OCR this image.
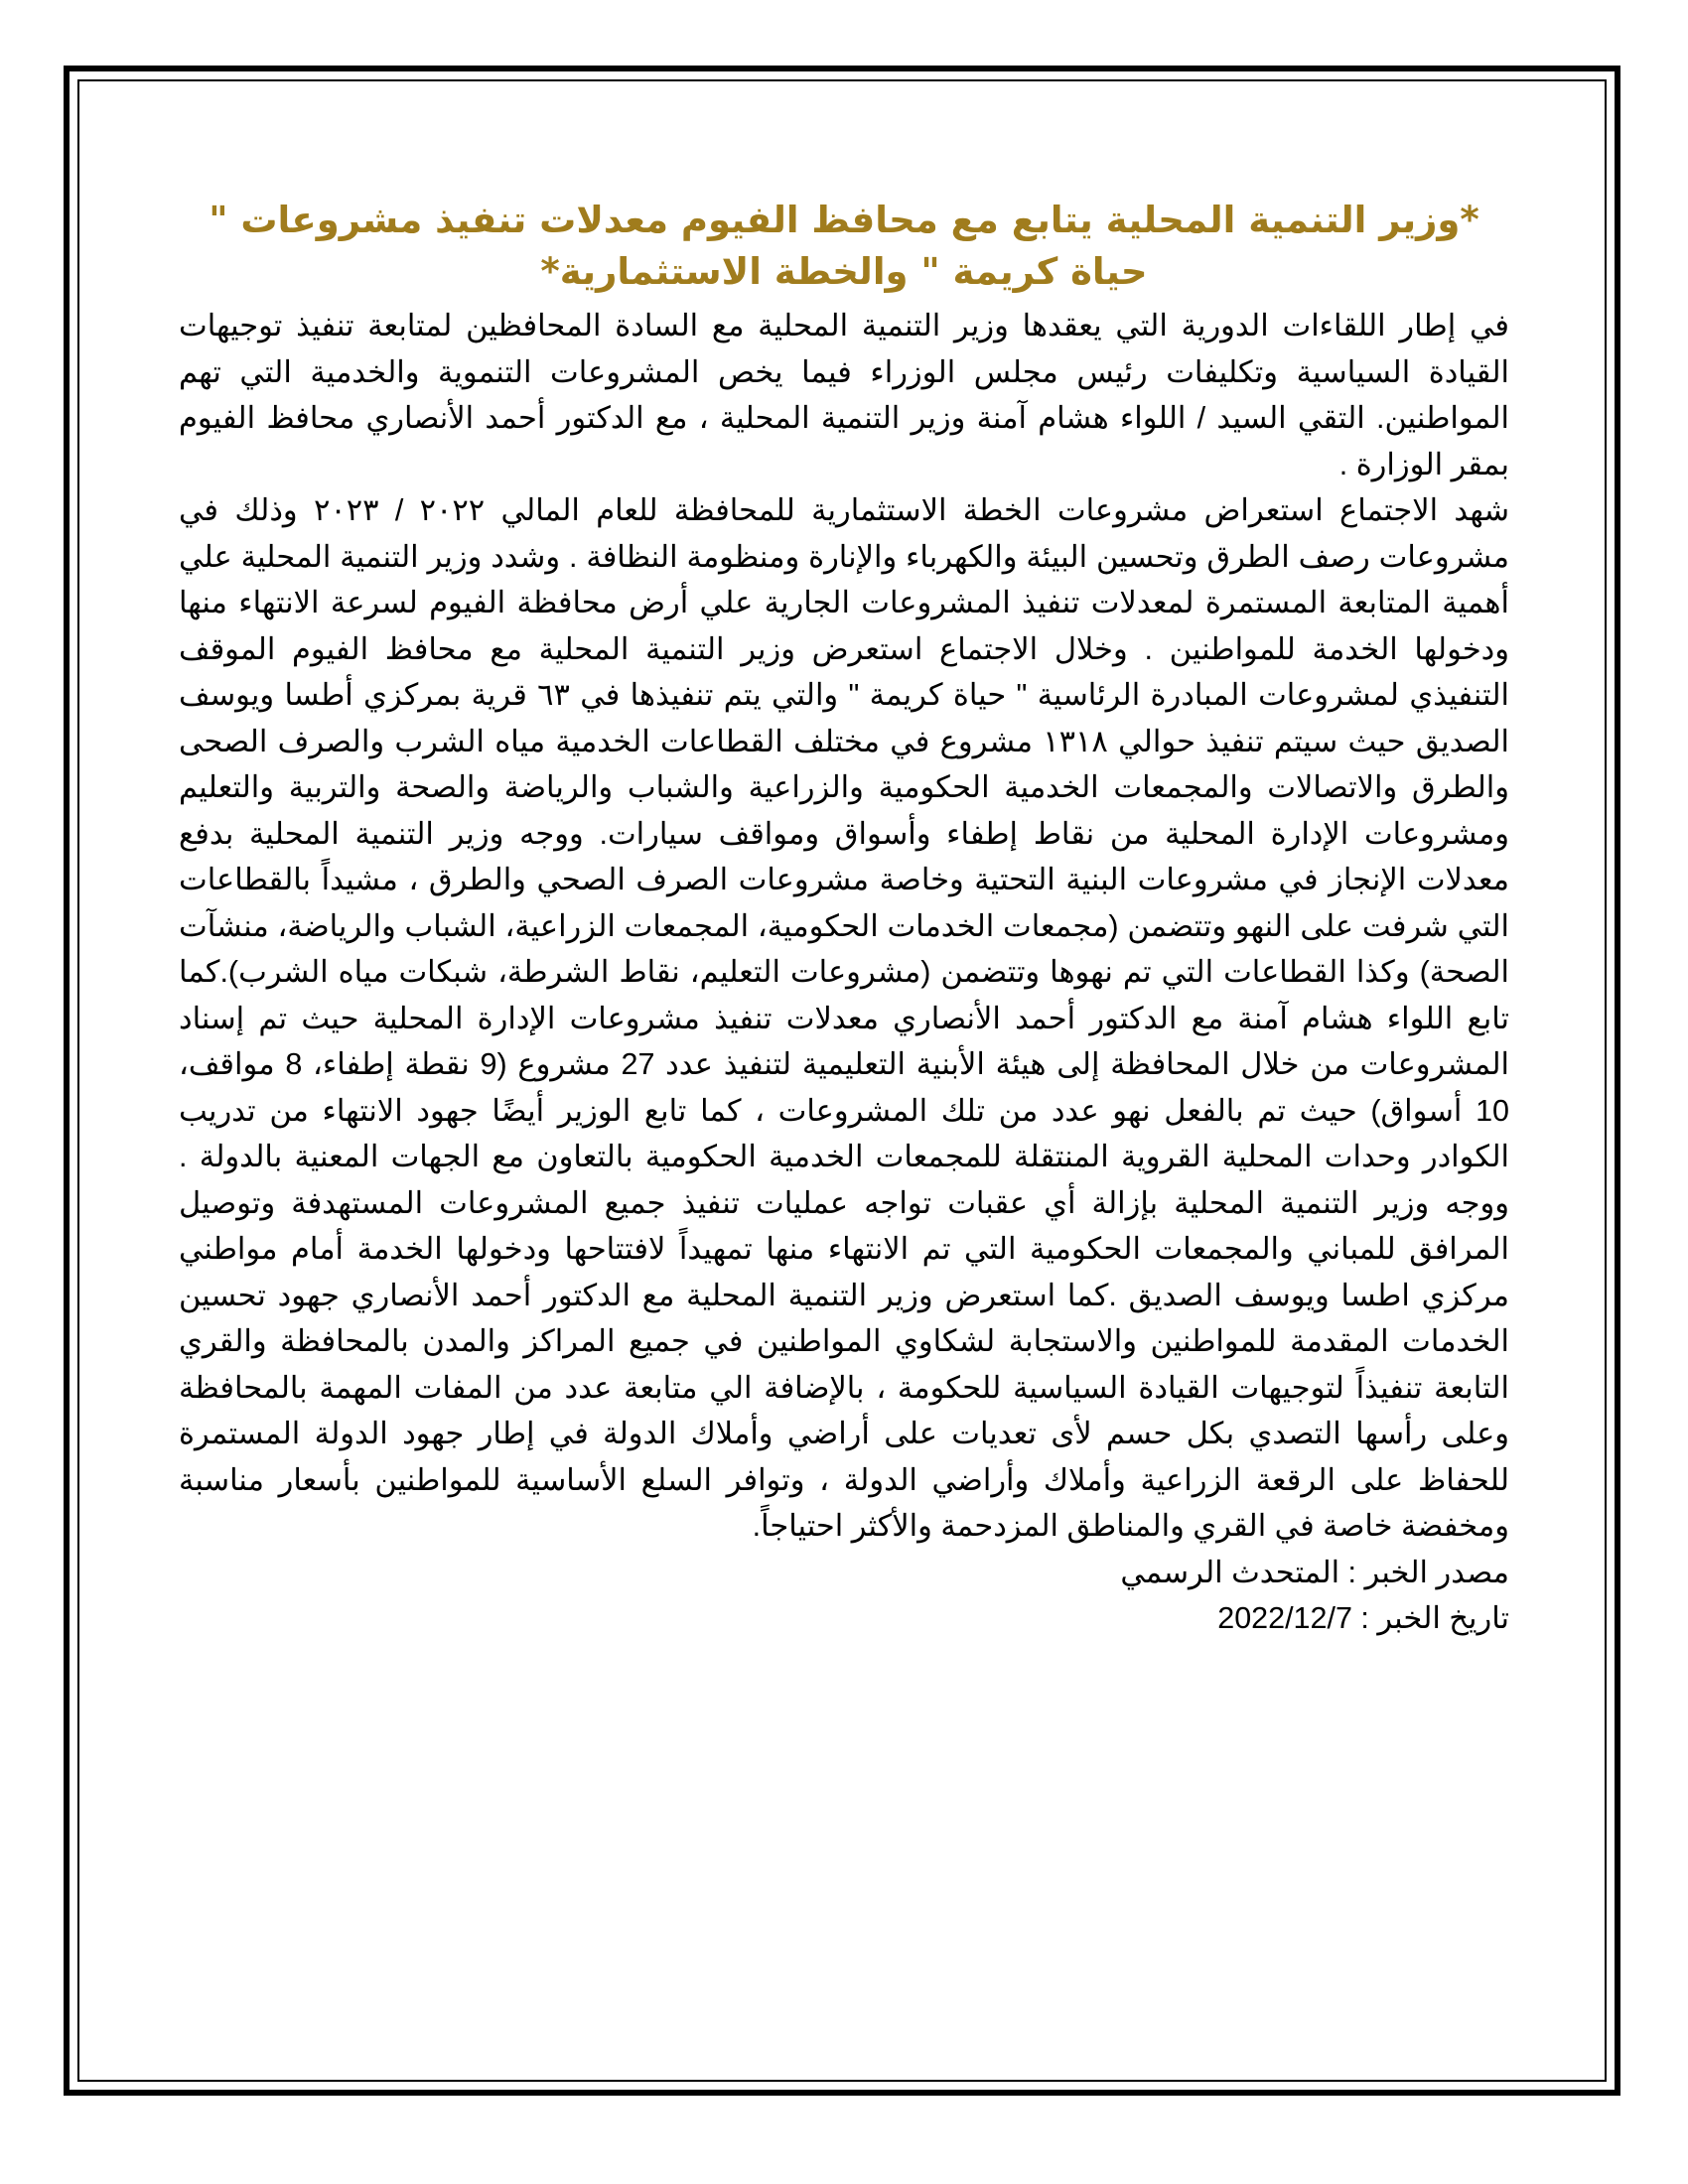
*وزير التنمية المحلية يتابع مع محافظ الفيوم معدلات تنفيذ مشروعات " حياة كريمة " والخطة الاستثمارية*

في إطار اللقاءات الدورية التي يعقدها وزير التنمية المحلية مع السادة المحافظين لمتابعة تنفيذ توجيهات القيادة السياسية وتكليفات رئيس مجلس الوزراء فيما يخص المشروعات التنموية والخدمية التي تهم المواطنين. التقي السيد / اللواء هشام آمنة وزير التنمية المحلية ، مع الدكتور أحمد الأنصاري محافظ الفيوم بمقر الوزارة .

شهد الاجتماع استعراض مشروعات الخطة الاستثمارية للمحافظة للعام المالي ٢٠٢٢ / ٢٠٢٣ وذلك في مشروعات رصف الطرق وتحسين البيئة والكهرباء والإنارة ومنظومة النظافة . وشدد وزير التنمية المحلية علي أهمية المتابعة المستمرة لمعدلات تنفيذ المشروعات الجارية علي أرض محافظة الفيوم لسرعة الانتهاء منها ودخولها الخدمة للمواطنين . وخلال الاجتماع استعرض وزير التنمية المحلية مع محافظ الفيوم الموقف التنفيذي لمشروعات المبادرة الرئاسية " حياة كريمة " والتي يتم تنفيذها في ٦٣ قرية بمركزي أطسا ويوسف الصديق حيث سيتم تنفيذ حوالي ١٣١٨ مشروع في مختلف القطاعات الخدمية مياه الشرب والصرف الصحى والطرق والاتصالات والمجمعات الخدمية الحكومية والزراعية والشباب والرياضة والصحة والتربية والتعليم ومشروعات الإدارة المحلية من نقاط إطفاء وأسواق ومواقف سيارات. ووجه وزير التنمية المحلية بدفع معدلات الإنجاز في مشروعات البنية التحتية وخاصة مشروعات الصرف الصحي والطرق ، مشيداً بالقطاعات التي شرفت على النهو وتتضمن (مجمعات الخدمات الحكومية، المجمعات الزراعية، الشباب والرياضة، منشآت الصحة) وكذا القطاعات التي تم نهوها وتتضمن (مشروعات التعليم، نقاط الشرطة، شبكات مياه الشرب).كما تابع اللواء هشام آمنة مع الدكتور أحمد الأنصاري معدلات تنفيذ مشروعات الإدارة المحلية حيث تم إسناد المشروعات من خلال المحافظة إلى هيئة الأبنية التعليمية لتنفيذ عدد 27 مشروع (9 نقطة إطفاء، 8 مواقف، 10 أسواق) حيث تم بالفعل نهو عدد من تلك المشروعات ، كما تابع الوزير أيضًا جهود الانتهاء من تدريب الكوادر وحدات المحلية القروية المنتقلة للمجمعات الخدمية الحكومية بالتعاون مع الجهات المعنية بالدولة . ووجه وزير التنمية المحلية بإزالة أي عقبات تواجه عمليات تنفيذ جميع المشروعات المستهدفة وتوصيل المرافق للمباني والمجمعات الحكومية التي تم الانتهاء منها تمهيداً لافتتاحها ودخولها الخدمة أمام مواطني مركزي اطسا ويوسف الصديق .كما استعرض وزير التنمية المحلية مع الدكتور أحمد الأنصاري جهود تحسين الخدمات المقدمة للمواطنين والاستجابة لشكاوي المواطنين في جميع المراكز والمدن بالمحافظة والقري التابعة تنفيذاً لتوجيهات القيادة السياسية للحكومة ، بالإضافة الي متابعة عدد من المفات المهمة بالمحافظة وعلى رأسها التصدي بكل حسم لأى تعديات على أراضي وأملاك الدولة في إطار جهود الدولة المستمرة للحفاظ على الرقعة الزراعية وأملاك وأراضي الدولة ، وتوافر السلع الأساسية للمواطنين بأسعار مناسبة ومخفضة خاصة في القري والمناطق المزدحمة والأكثر احتياجاً.

مصدر الخبر : المتحدث الرسمي

تاريخ الخبر : 2022/12/7
